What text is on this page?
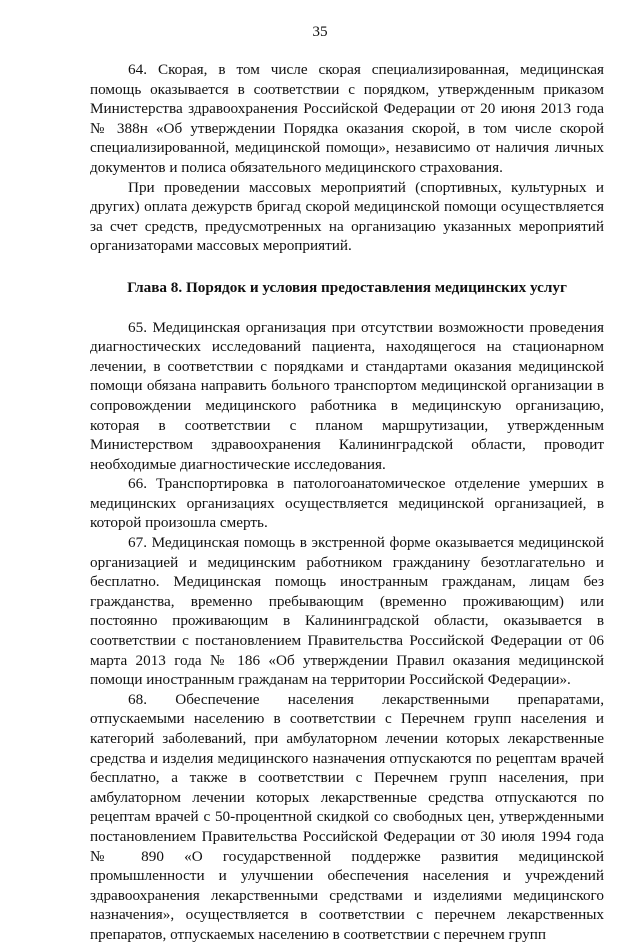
35

64. Скорая, в том числе скорая специализированная, медицинская помощь оказывается в соответствии с порядком, утвержденным приказом Министерства здравоохранения Российской Федерации от 20 июня 2013 года № 388н «Об утверждении Порядка оказания скорой, в том числе скорой специализированной, медицинской помощи», независимо от наличия личных документов и полиса обязательного медицинского страхования.

При проведении массовых мероприятий (спортивных, культурных и других) оплата дежурств бригад скорой медицинской помощи осуществляется за счет средств, предусмотренных на организацию указанных мероприятий организаторами массовых мероприятий.

Глава 8. Порядок и условия предоставления медицинских услуг

65. Медицинская организация при отсутствии возможности проведения диагностических исследований пациента, находящегося на стационарном лечении, в соответствии с порядками и стандартами оказания медицинской помощи обязана направить больного транспортом медицинской организации в сопровождении медицинского работника в медицинскую организацию, которая в соответствии с планом маршрутизации, утвержденным Министерством здравоохранения Калининградской области, проводит необходимые диагностические исследования.

66. Транспортировка в патологоанатомическое отделение умерших в медицинских организациях осуществляется медицинской организацией, в которой произошла смерть.

67. Медицинская помощь в экстренной форме оказывается медицинской организацией и медицинским работником гражданину безотлагательно и бесплатно. Медицинская помощь иностранным гражданам, лицам без гражданства, временно пребывающим (временно проживающим) или постоянно проживающим в Калининградской области, оказывается в соответствии с постановлением Правительства Российской Федерации от 06 марта 2013 года № 186 «Об утверждении Правил оказания медицинской помощи иностранным гражданам на территории Российской Федерации».

68. Обеспечение населения лекарственными препаратами, отпускаемыми населению в соответствии с Перечнем групп населения и категорий заболеваний, при амбулаторном лечении которых лекарственные средства и изделия медицинского назначения отпускаются по рецептам врачей бесплатно, а также в соответствии с Перечнем групп населения, при амбулаторном лечении которых лекарственные средства отпускаются по рецептам врачей с 50-процентной скидкой со свободных цен, утвержденными постановлением Правительства Российской Федерации от 30 июля 1994 года № 890 «О государственной поддержке развития медицинской промышленности и улучшении обеспечения населения и учреждений здравоохранения лекарственными средствами и изделиями медицинского назначения», осуществляется в соответствии с перечнем лекарственных препаратов, отпускаемых населению в соответствии с перечнем групп
